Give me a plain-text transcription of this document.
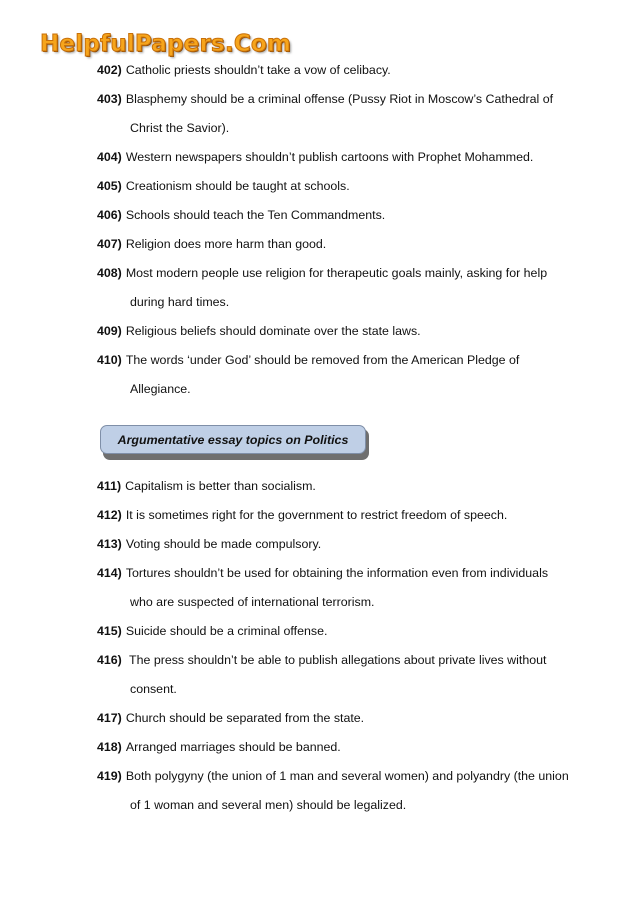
HelpfulPapers.Com
402) Catholic priests shouldn’t take a vow of celibacy.
403) Blasphemy should be a criminal offense (Pussy Riot in Moscow’s Cathedral of
Christ the Savior).
404) Western newspapers shouldn’t publish cartoons with Prophet Mohammed.
405) Creationism should be taught at schools.
406) Schools should teach the Ten Commandments.
407) Religion does more harm than good.
408) Most modern people use religion for therapeutic goals mainly, asking for help
during hard times.
409) Religious beliefs should dominate over the state laws.
410) The words ‘under God’ should be removed from the American Pledge of
Allegiance.
Argumentative essay topics on Politics
411) Capitalism is better than socialism.
412) It is sometimes right for the government to restrict freedom of speech.
413) Voting should be made compulsory.
414) Tortures shouldn’t be used for obtaining the information even from individuals
who are suspected of international terrorism.
415) Suicide should be a criminal offense.
416) The press shouldn’t be able to publish allegations about private lives without
consent.
417) Church should be separated from the state.
418) Arranged marriages should be banned.
419) Both polygyny (the union of 1 man and several women) and polyandry (the union
of 1 woman and several men) should be legalized.
